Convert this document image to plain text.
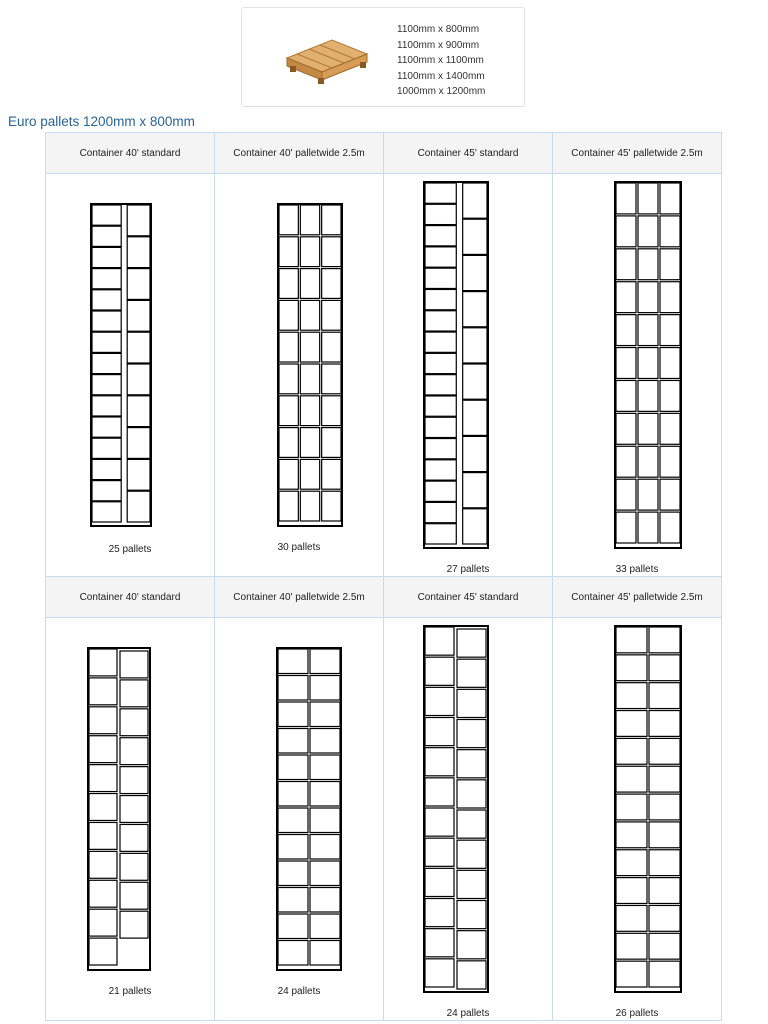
1100mm x 800mm
1100mm x 900mm
1100mm x 1100mm
1100mm x 1400mm
1000mm x 1200mm
Euro pallets 1200mm x 800mm
Container 40' standard	Container 40' palletwide 2.5m	Container 45' standard	Container 45' palletwide 2.5m

25 pallets	30 pallets	27 pallets	33 pallets

Container 40' standard	Container 40' palletwide 2.5m	Container 45' standard	Container 45' palletwide 2.5m

21 pallets	24 pallets	24 pallets	26 pallets
